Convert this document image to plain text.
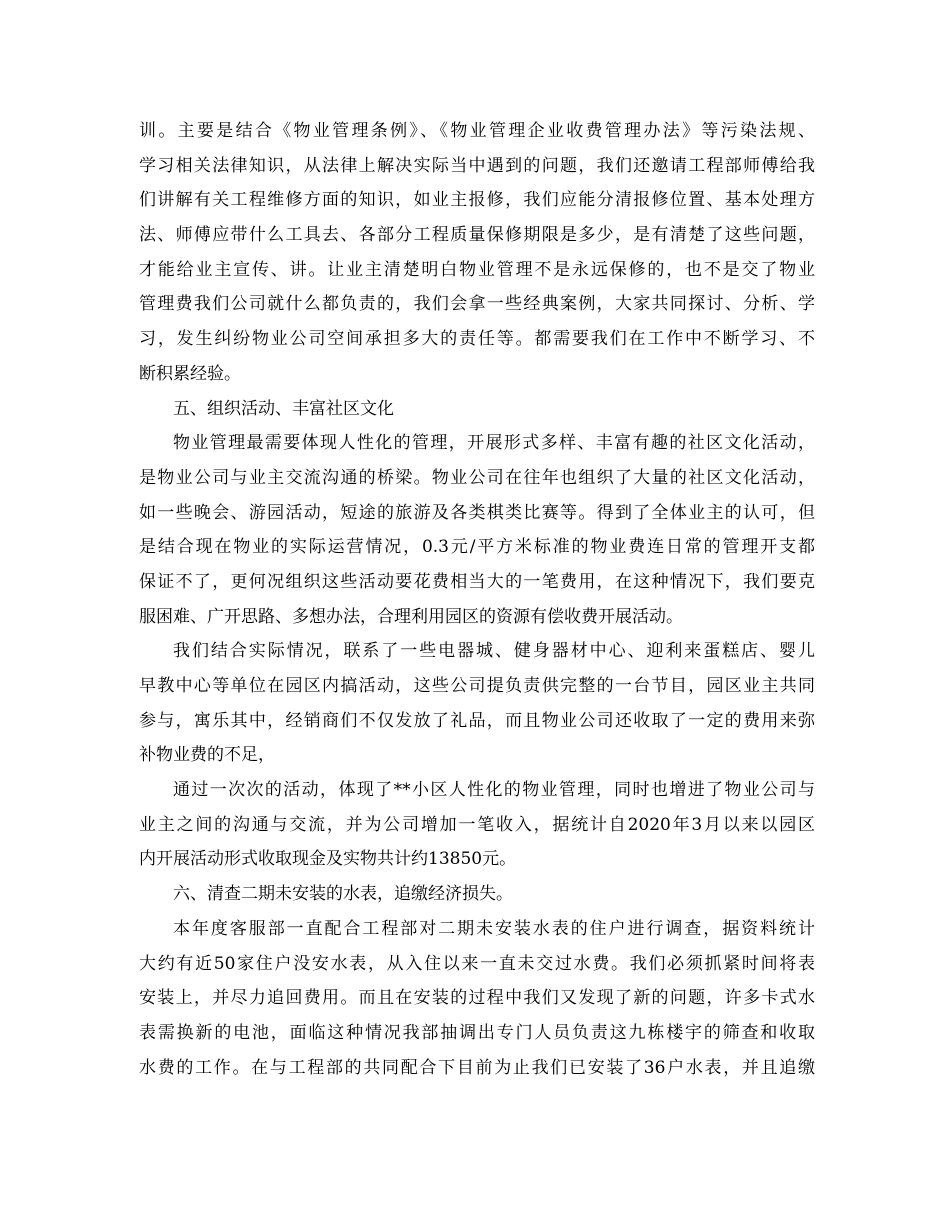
训。主要是结合《物业管理条例》、《物业管理企业收费管理办法》等污染法规、
学习相关法律知识，从法律上解决实际当中遇到的问题，我们还邀请工程部师傅给我
们讲解有关工程维修方面的知识，如业主报修，我们应能分清报修位置、基本处理方
法、师傅应带什么工具去、各部分工程质量保修期限是多少，是有清楚了这些问题，
才能给业主宣传、讲。让业主清楚明白物业管理不是永远保修的，也不是交了物业
管理费我们公司就什么都负责的，我们会拿一些经典案例，大家共同探讨、分析、学
习，发生纠纷物业公司空间承担多大的责任等。都需要我们在工作中不断学习、不
断积累经验。
五、组织活动、丰富社区文化
物业管理最需要体现人性化的管理，开展形式多样、丰富有趣的社区文化活动，
是物业公司与业主交流沟通的桥梁。物业公司在往年也组织了大量的社区文化活动，
如一些晚会、游园活动，短途的旅游及各类棋类比赛等。得到了全体业主的认可，但
是结合现在物业的实际运营情况，0.3元/平方米标准的物业费连日常的管理开支都
保证不了，更何况组织这些活动要花费相当大的一笔费用，在这种情况下，我们要克
服困难、广开思路、多想办法，合理利用园区的资源有偿收费开展活动。
我们结合实际情况，联系了一些电器城、健身器材中心、迎利来蛋糕店、婴儿
早教中心等单位在园区内搞活动，这些公司提负责供完整的一台节目，园区业主共同
参与，寓乐其中，经销商们不仅发放了礼品，而且物业公司还收取了一定的费用来弥
补物业费的不足，
通过一次次的活动，体现了**小区人性化的物业管理，同时也增进了物业公司与
业主之间的沟通与交流，并为公司增加一笔收入，据统计自2020年3月以来以园区
内开展活动形式收取现金及实物共计约13850元。
六、清查二期未安装的水表，追缴经济损失。
本年度客服部一直配合工程部对二期未安装水表的住户进行调查，据资料统计
大约有近50家住户没安水表，从入住以来一直未交过水费。我们必须抓紧时间将表
安装上，并尽力追回费用。而且在安装的过程中我们又发现了新的问题，许多卡式水
表需换新的电池，面临这种情况我部抽调出专门人员负责这九栋楼宇的筛查和收取
水费的工作。在与工程部的共同配合下目前为止我们已安装了36户水表，并且追缴
